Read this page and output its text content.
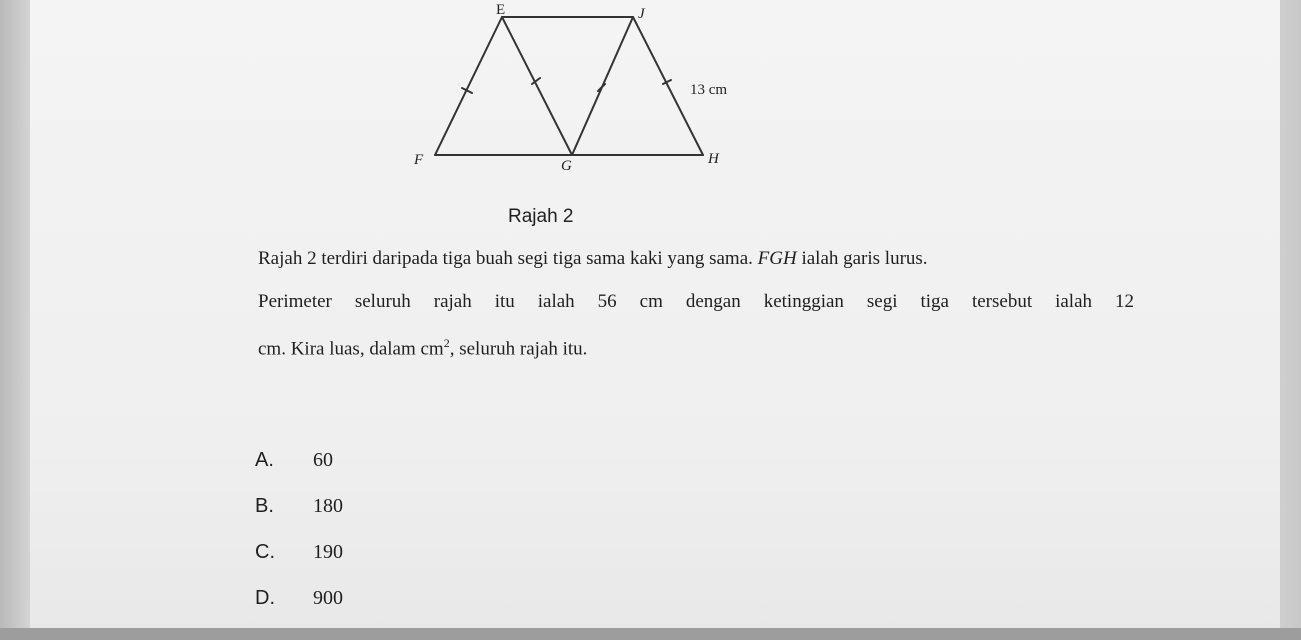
E	J
F	G	H
13 cm
Rajah 2
Rajah 2 terdiri daripada tiga buah segi tiga sama kaki yang sama. FGH ialah garis lurus.
Perimeter seluruh rajah itu ialah 56 cm dengan ketinggian segi tiga tersebut ialah 12
cm. Kira luas, dalam $cm^2$, seluruh rajah itu.
A. 60
B. 180
C. 190
D. 900
